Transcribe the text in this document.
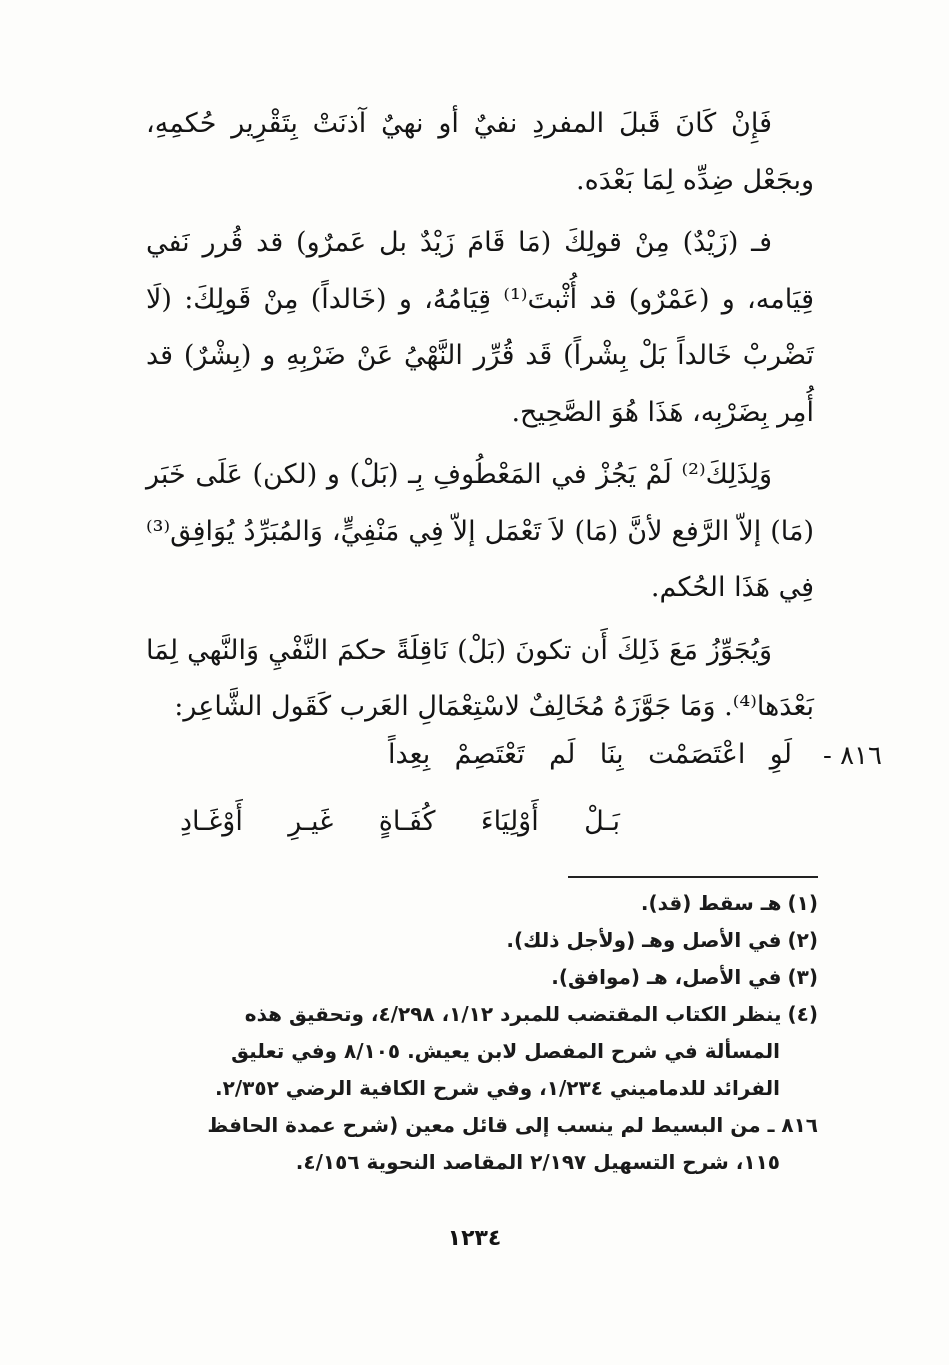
فَإِنْ كَانَ قَبلَ المفردِ نفيٌ أو نهيٌ آذنَتْ بِتَقْرِير حُكمِهِ، وبجَعْل ضِدِّه لِمَا بَعْدَه.

فـ (زَيْدٌ) مِنْ قولِكَ (مَا قَامَ زَيْدٌ بل عَمرٌو) قد قُرر نَفي قِيَامه، و (عَمْرٌو) قد أُثْبتَ⁽¹⁾ قِيَامُهُ، و (خَالداً) مِنْ قَولِكَ: (لَا تَضْربْ خَالداً بَلْ بِشْراً) قَد قُرِّر النَّهْيُ عَنْ ضَرْبِهِ و (بِشْرٌ) قد أُمِر بِضَرْبِه، هَذَا هُوَ الصَّحِيح.

وَلِذَلِكَ⁽²⁾ لَمْ يَجُزْ في المَعْطُوفِ بِـ (بَلْ) و (لكن) عَلَى خَبَر (مَا) إلاّ الرَّفع لأنَّ (مَا) لاَ تَعْمَل إلاّ فِي مَنْفِيٍّ، وَالمُبَرِّدُ يُوَافِق⁽³⁾ فِي هَذَا الحُكم.

وَيُجَوِّزُ مَعَ ذَلِكَ أَن تكونَ (بَلْ) نَاقِلَةً حكمَ النَّفْيِ وَالنَّهي لِمَا بَعْدَها⁽⁴⁾. وَمَا جَوَّزَهُ مُخَالِفٌ لاسْتِعْمَالِ العَرب كَقَول الشَّاعِر:

٨١٦ -
لَوِ اعْتَصَمْت بِنَا لَم تَعْتَصِمْ بِعِداً
بَـلْ أَوْلِيَاءَ كُفَـاةٍ غَيـرِ أَوْغَـادِ
(١)
هـ سقط (قد).
(٢)
في الأصل وهـ (ولأجل ذلك).
(٣)
في الأصل، هـ (موافق).
(٤)
ينظر الكتاب المقتضب للمبرد ١/١٢، ٤/٢٩٨، وتحقيق هذه
المسألة في شرح المفصل لابن يعيش. ٨/١٠٥ وفي تعليق
الفرائد للدماميني ١/٢٣٤، وفي شرح الكافية الرضي ٢/٣٥٢.
٨١٦ ـ من البسيط لم ينسب إلى قائل معين (شرح عمدة الحافظ
١١٥، شرح التسهيل ٢/١٩٧ المقاصد النحوية ٤/١٥٦.
١٢٣٤
